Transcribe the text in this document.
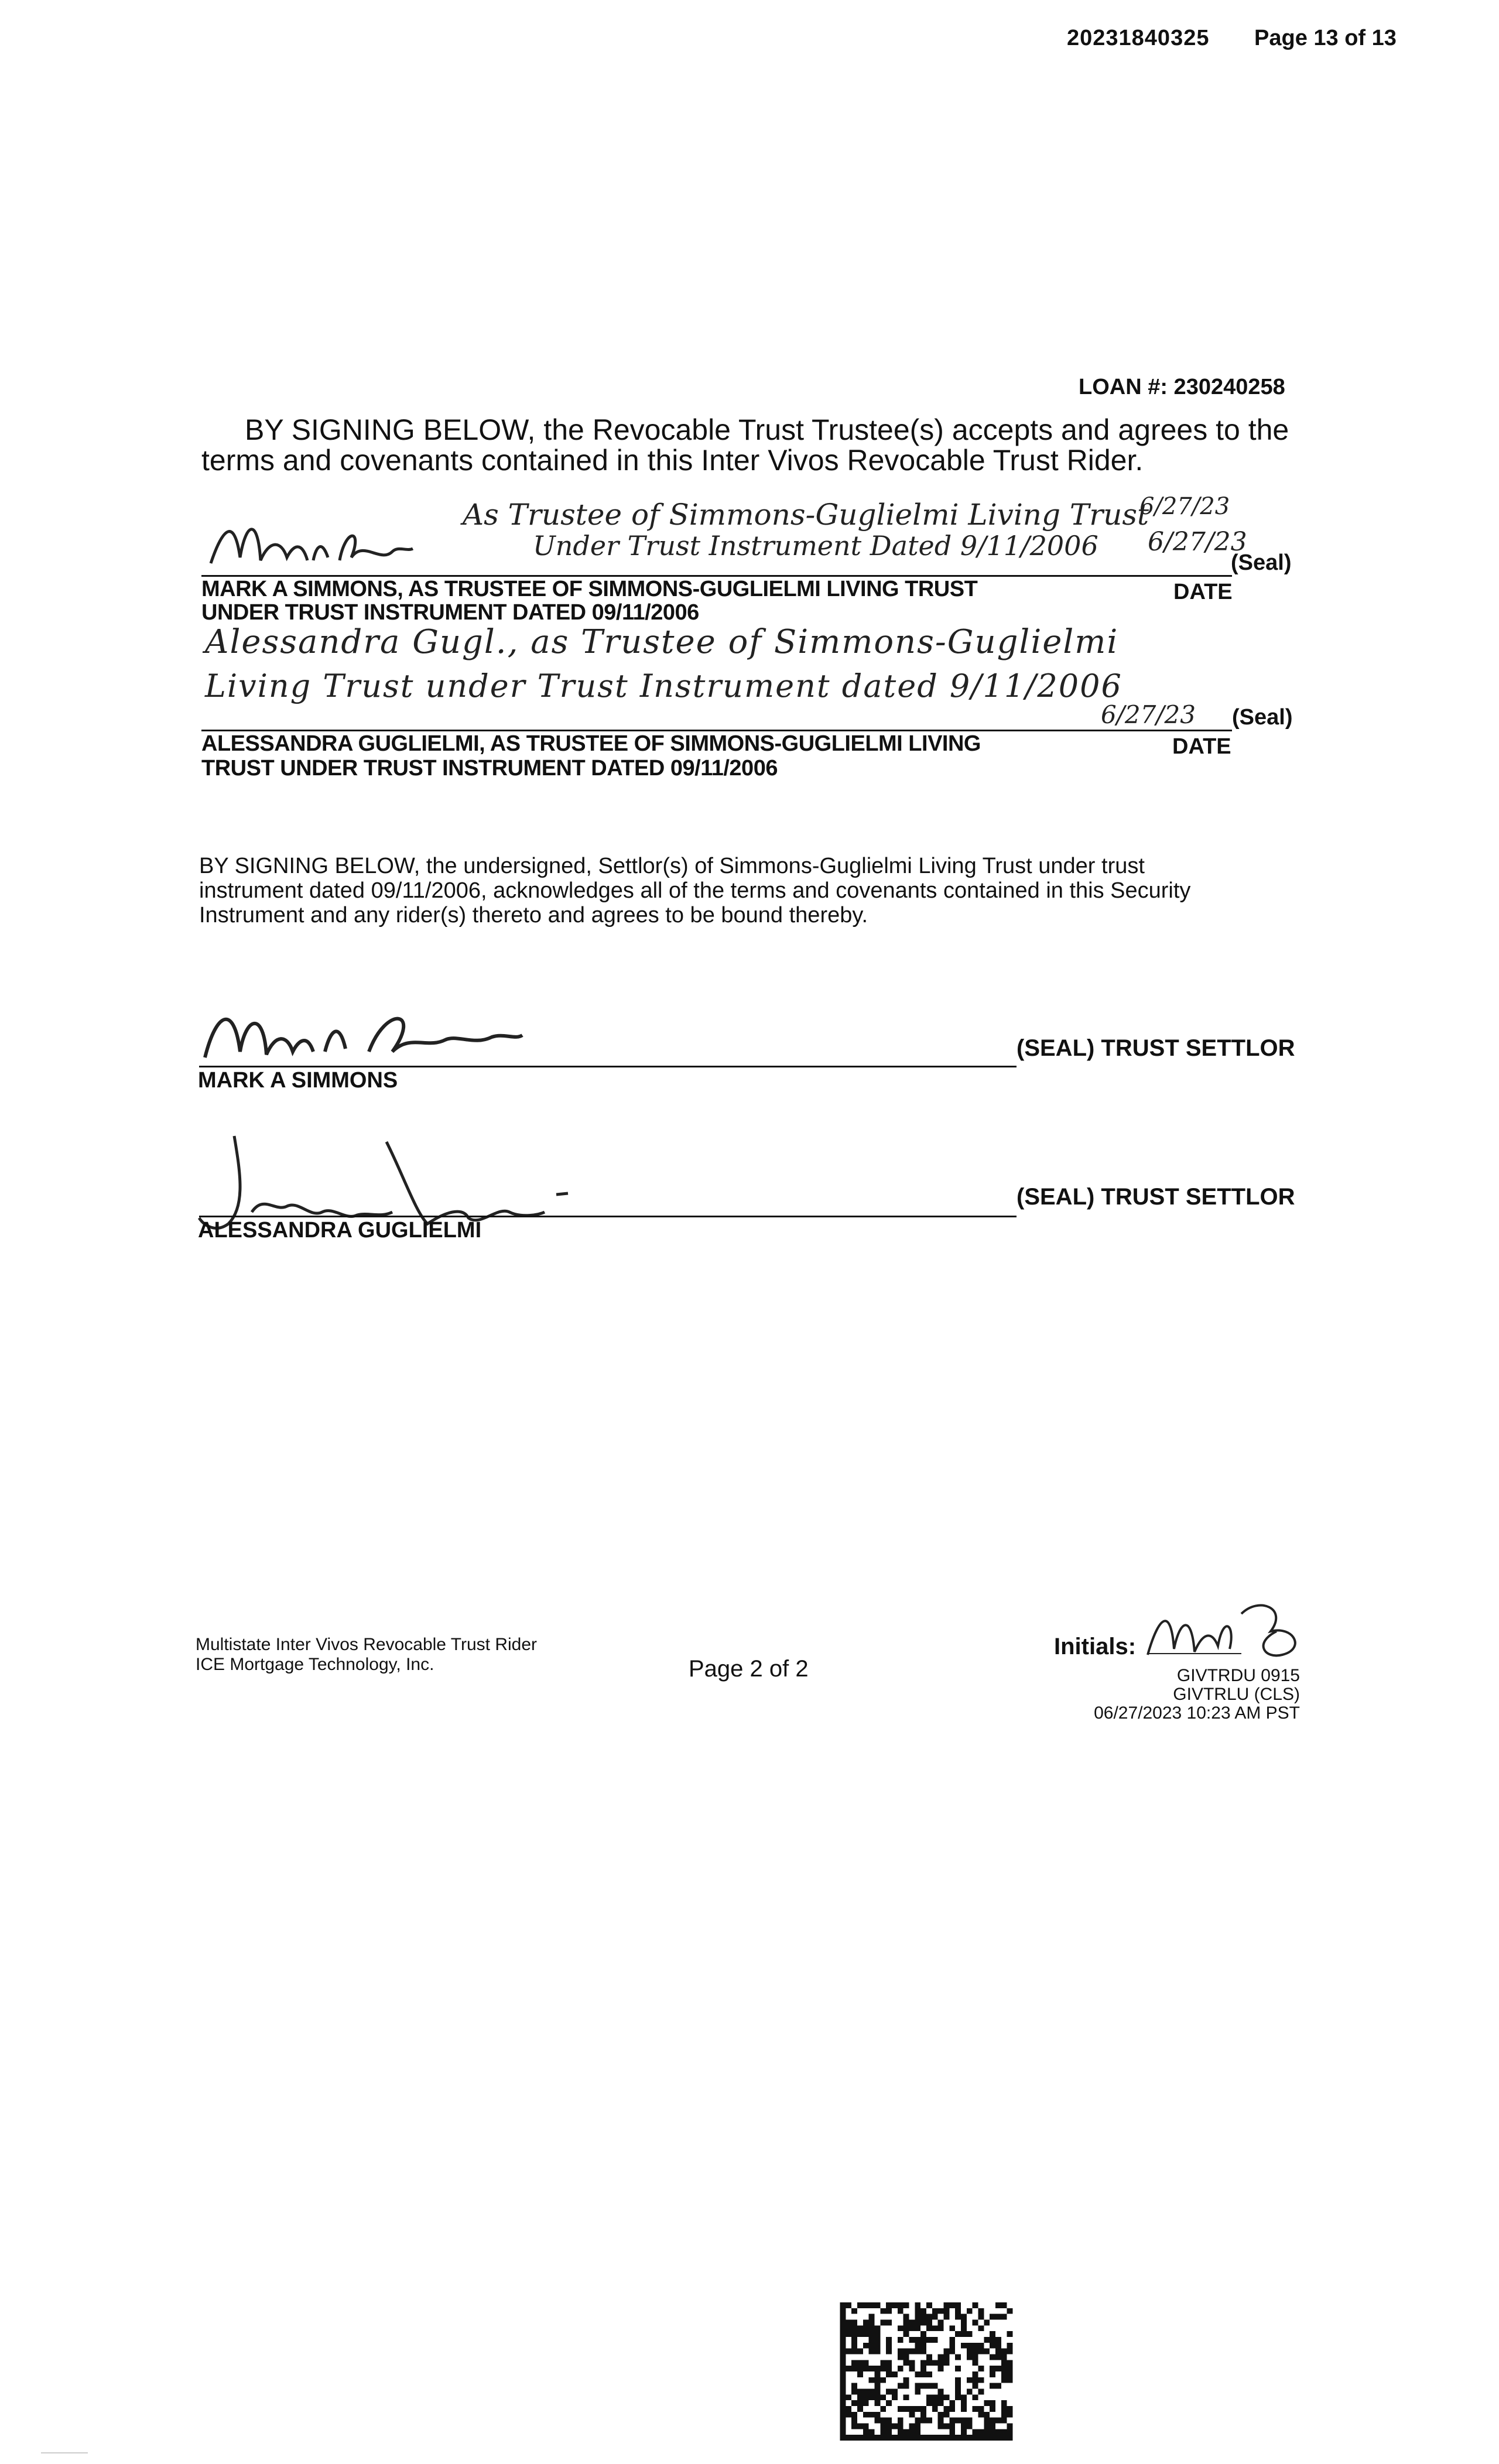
20231840325 Page 13 of 13
LOAN #: 230240258
BY SIGNING BELOW, the Revocable Trust Trustee(s) accepts and agrees to the
terms and covenants contained in this Inter Vivos Revocable Trust Rider.
As Trustee of Simmons-Guglielmi Living Trust
Under Trust Instrument Dated 9/11/2006
6/27/23
6/27/23
(Seal)
MARK A SIMMONS, AS TRUSTEE OF SIMMONS-GUGLIELMI LIVING TRUST
UNDER TRUST INSTRUMENT DATED 09/11/2006
DATE
Alessandra Gugl., as Trustee of Simmons-Guglielmi
Living Trust under Trust Instrument dated 9/11/2006
6/27/23 (Seal)
ALESSANDRA GUGLIELMI, AS TRUSTEE OF SIMMONS-GUGLIELMI LIVING
TRUST UNDER TRUST INSTRUMENT DATED 09/11/2006
DATE
BY SIGNING BELOW, the undersigned, Settlor(s) of Simmons-Guglielmi Living Trust under trust
instrument dated 09/11/2006, acknowledges all of the terms and covenants contained in this Security
Instrument and any rider(s) thereto and agrees to be bound thereby.
MARK A SIMMONS
(SEAL) TRUST SETTLOR
ALESSANDRA GUGLIELMI
(SEAL) TRUST SETTLOR
Multistate Inter Vivos Revocable Trust Rider
ICE Mortgage Technology, Inc.	Page 2 of 2
Initials:
GIVTRDU 0915
GIVTRLU (CLS)
06/27/2023 10:23 AM PST
